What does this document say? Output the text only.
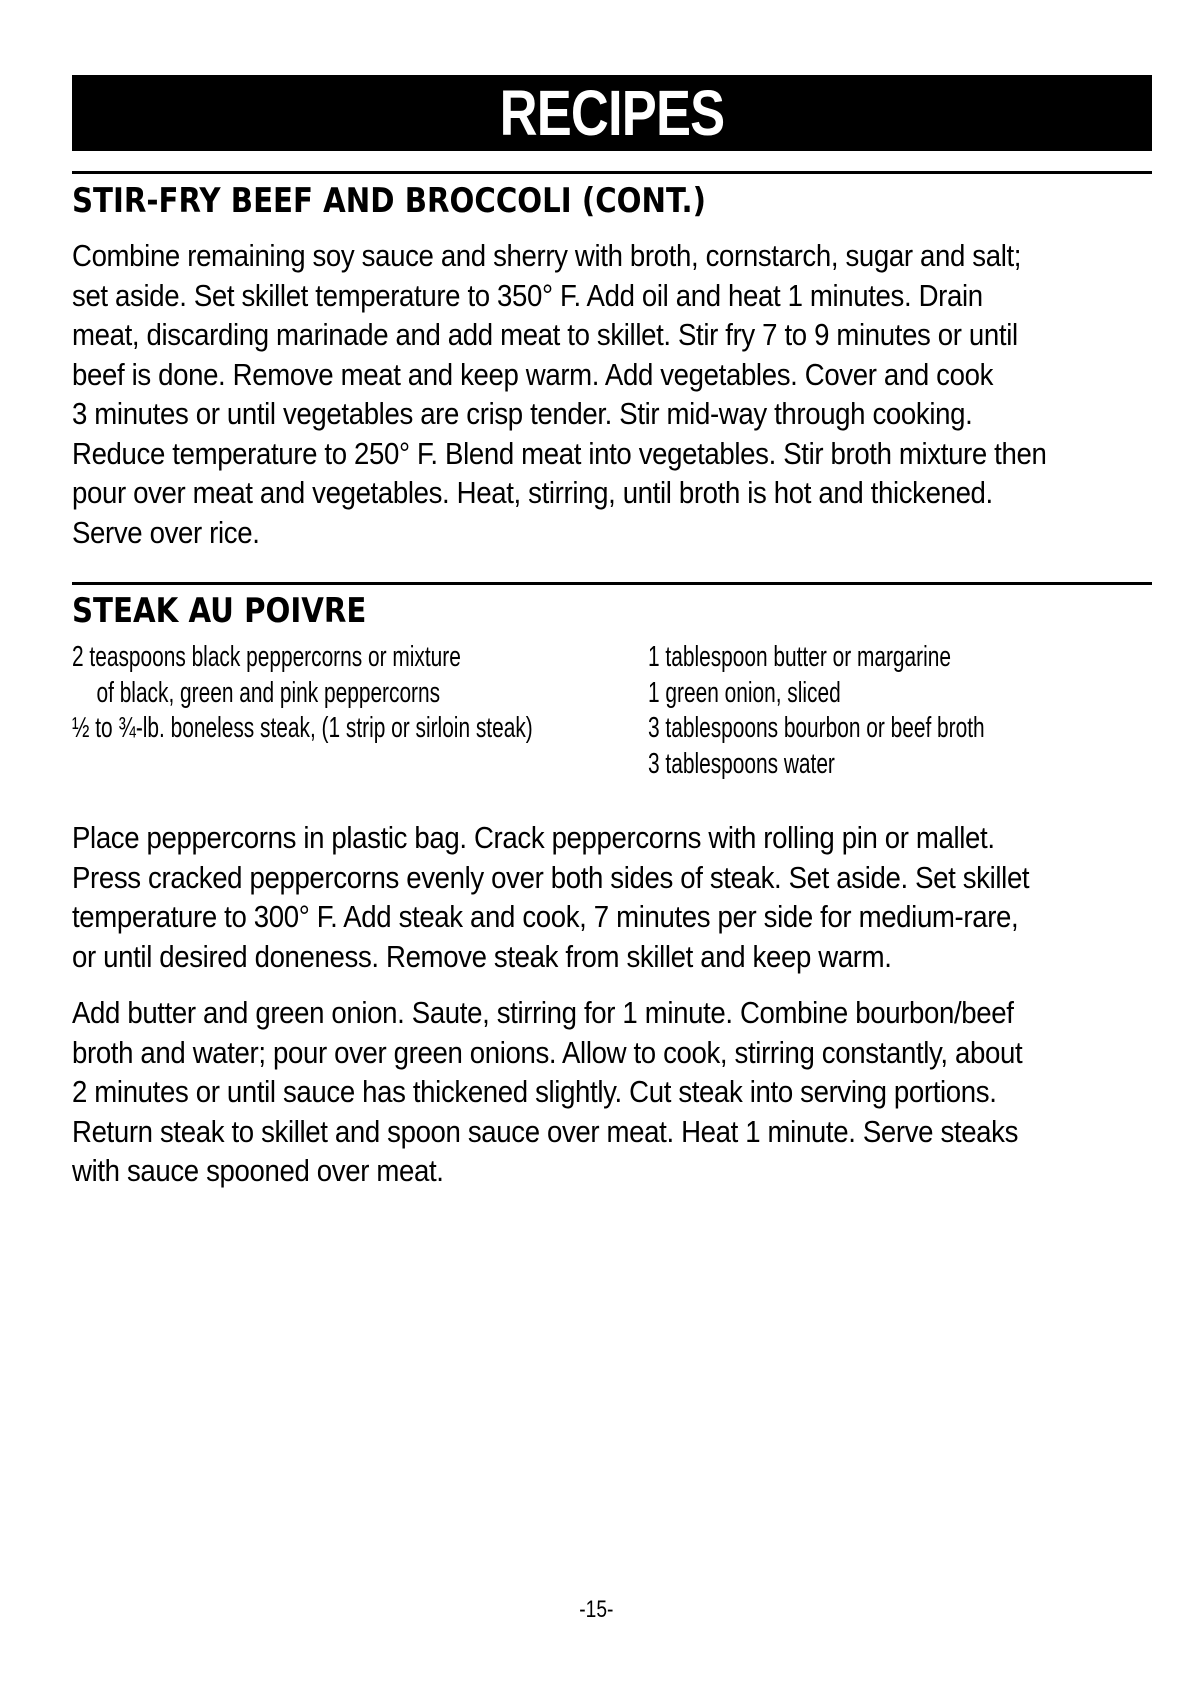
RECIPES
STIR-FRY BEEF AND BROCCOLI (CONT.)

Combine remaining soy sauce and sherry with broth, cornstarch, sugar and salt;
set aside. Set skillet temperature to 350° F. Add oil and heat 1 minutes. Drain
meat, discarding marinade and add meat to skillet. Stir fry 7 to 9 minutes or until
beef is done. Remove meat and keep warm. Add vegetables. Cover and cook
3 minutes or until vegetables are crisp tender. Stir mid-way through cooking.
Reduce temperature to 250° F. Blend meat into vegetables. Stir broth mixture then
pour over meat and vegetables. Heat, stirring, until broth is hot and thickened.
Serve over rice.

STEAK AU POIVRE
2 teaspoons black peppercorns or mixture
of black, green and pink peppercorns
½ to ¾-lb. boneless steak, (1 strip or sirloin steak)
1 tablespoon butter or margarine
1 green onion, sliced
3 tablespoons bourbon or beef broth
3 tablespoons water

Place peppercorns in plastic bag. Crack peppercorns with rolling pin or mallet.
Press cracked peppercorns evenly over both sides of steak. Set aside. Set skillet
temperature to 300° F. Add steak and cook, 7 minutes per side for medium-rare,
or until desired doneness. Remove steak from skillet and keep warm.

Add butter and green onion. Saute, stirring for 1 minute. Combine bourbon/beef
broth and water; pour over green onions. Allow to cook, stirring constantly, about
2 minutes or until sauce has thickened slightly. Cut steak into serving portions.
Return steak to skillet and spoon sauce over meat. Heat 1 minute. Serve steaks
with sauce spooned over meat.

-15-
